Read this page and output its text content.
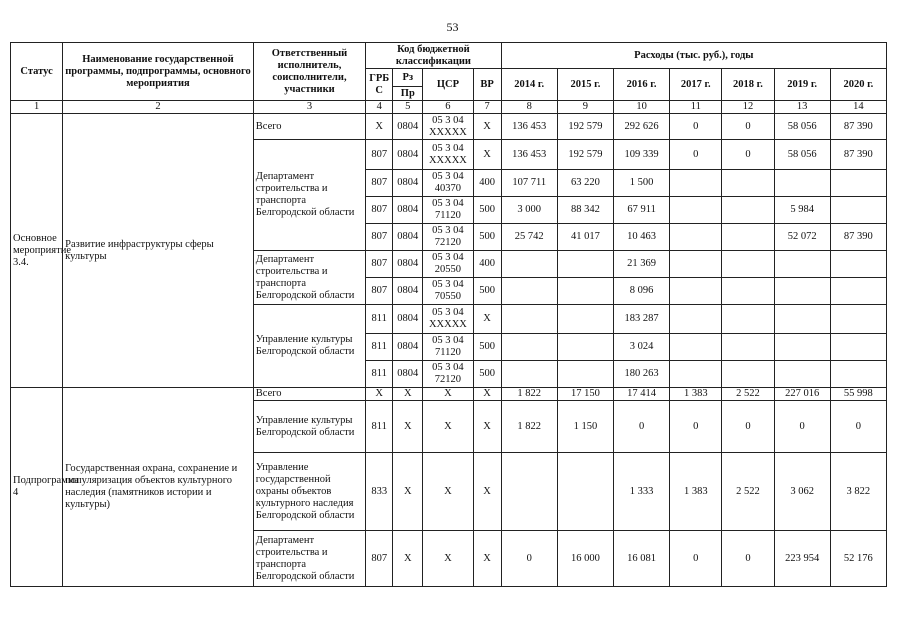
53
Статус	Наименование государственной программы, подпрограммы, основного мероприятия	Ответственный исполнитель, соисполнители, участники	Код бюджетной классификации				Расходы (тыс. руб.), годы						
			ГРБ С	Рз	ЦСР	ВР	2014 г.	2015 г.	2016 г.	2017 г.	2018 г.	2019 г.	2020 г.
				Пр									
1	2	3	4	5	6	7	8	9	10	11	12	13	14
Основное мероприятие 3.4.	Развитие инфраструктуры сферы культуры	Всего	Х	0804	05 3 04 ХХХХХ	Х	136 453	192 579	292 626	0	0	58 056	87 390
		Департамент строительства и транспорта Белгородской области	807	0804	05 3 04 ХХХХХ	Х	136 453	192 579	109 339	0	0	58 056	87 390
			807	0804	05 3 04 40370	400	107 711	63 220	1 500				
			807	0804	05 3 04 71120	500	3 000	88 342	67 911			5 984	
			807	0804	05 3 04 72120	500	25 742	41 017	10 463			52 072	87 390
		Департамент строительства и транспорта Белгородской области	807	0804	05 3 04 20550	400			21 369				
			807	0804	05 3 04 70550	500			8 096				
		Управление культуры Белгородской области	811	0804	05 3 04 ХХХХХ	Х			183 287				
			811	0804	05 3 04 71120	500			3 024				
			811	0804	05 3 04 72120	500			180 263				
Подпрограмма 4	Государственная охрана, сохранение и популяризация объектов культурного наследия (памятников истории и культуры)	Всего	Х	Х	Х	Х	1 822	17 150	17 414	1 383	2 522	227 016	55 998
		Управление культуры Белгородской области	811	Х	Х	Х	1 822	1 150	0	0	0	0	0
		Управление государственной охраны объектов культурного наследия Белгородской области	833	Х	Х	Х			1 333	1 383	2 522	3 062	3 822
		Департамент строительства и транспорта Белгородской области	807	Х	Х	Х	0	16 000	16 081	0	0	223 954	52 176
